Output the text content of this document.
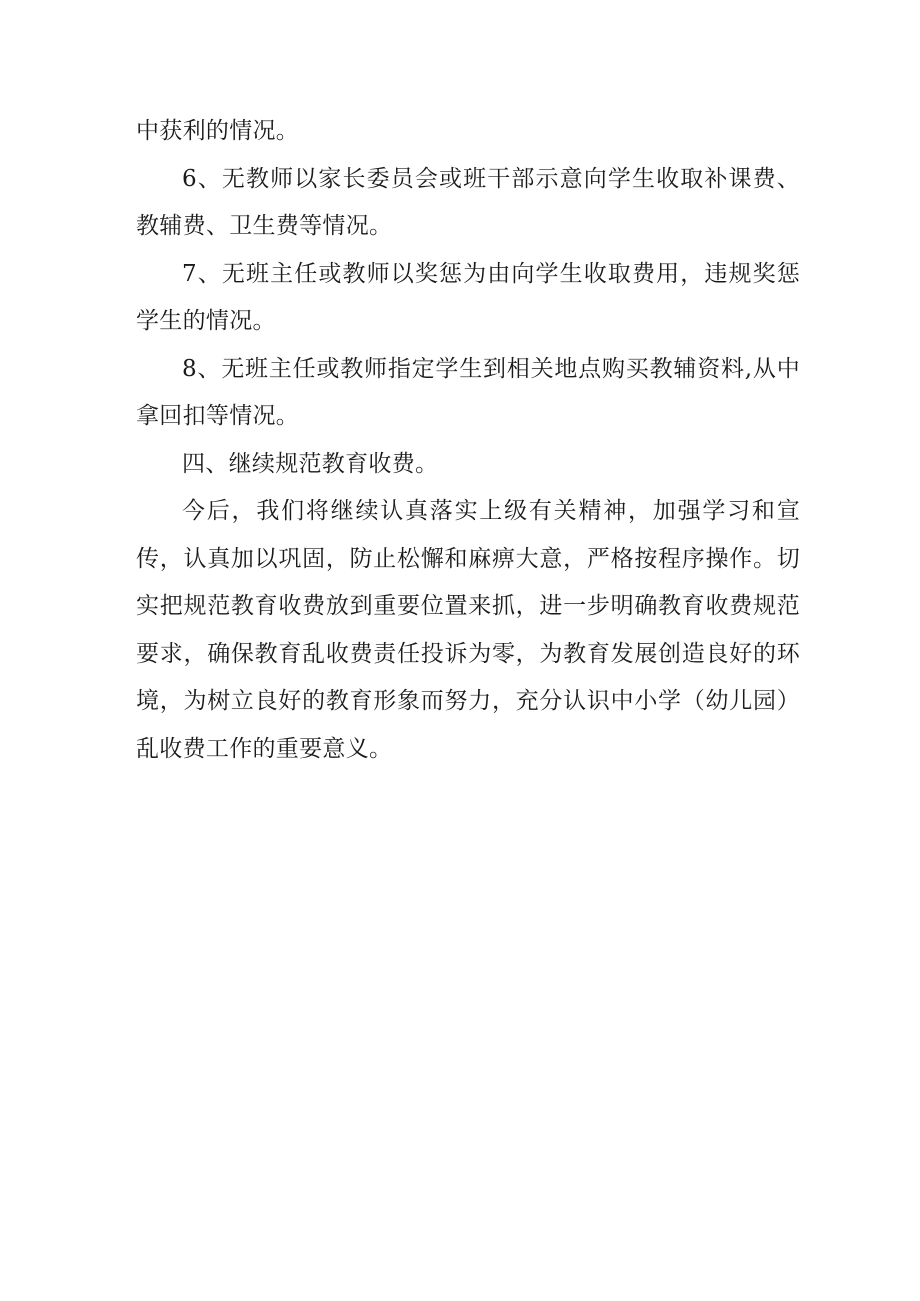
中获利的情况。

6、无教师以家长委员会或班干部示意向学生收取补课费、教辅费、卫生费等情况。

7、无班主任或教师以奖惩为由向学生收取费用，违规奖惩学生的情况。

8、无班主任或教师指定学生到相关地点购买教辅资料,从中拿回扣等情况。

四、继续规范教育收费。

今后，我们将继续认真落实上级有关精神，加强学习和宣传，认真加以巩固，防止松懈和麻痹大意，严格按程序操作。切实把规范教育收费放到重要位置来抓，进一步明确教育收费规范要求，确保教育乱收费责任投诉为零，为教育发展创造良好的环境，为树立良好的教育形象而努力，充分认识中小学（幼儿园）乱收费工作的重要意义。
